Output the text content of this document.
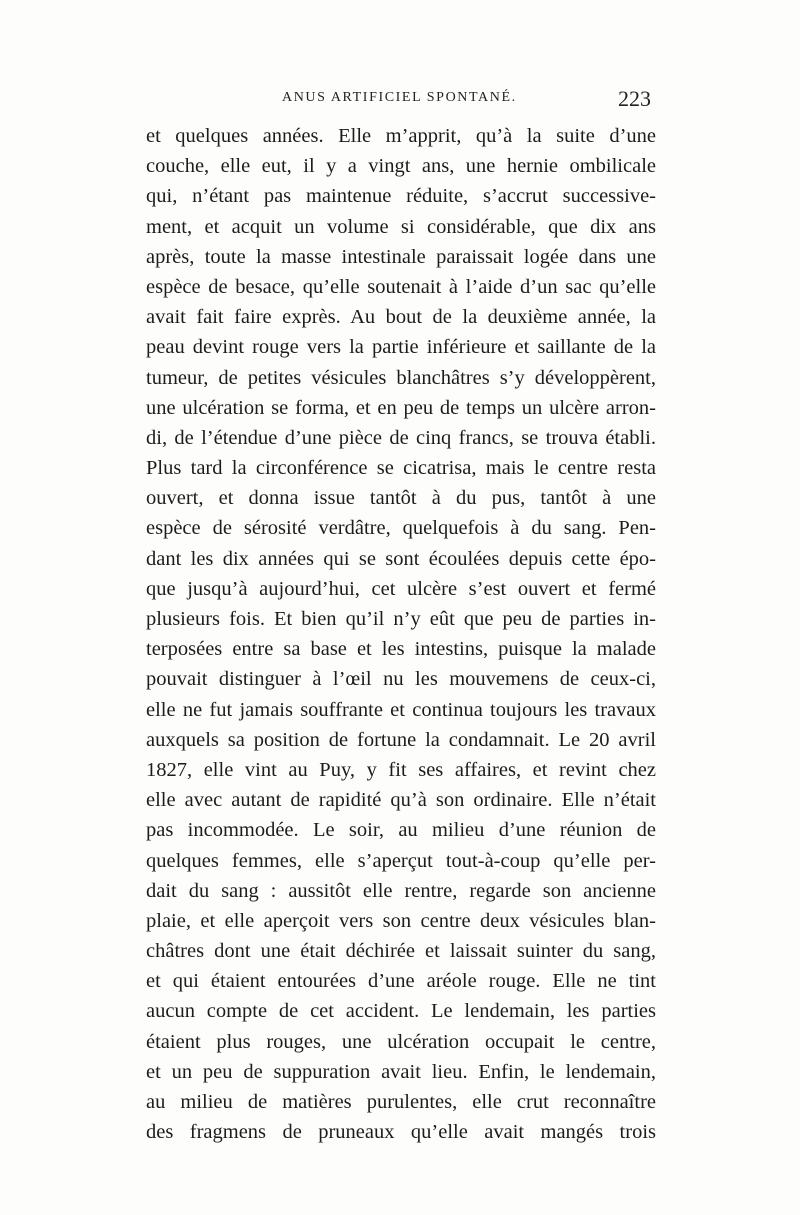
ANUS ARTIFICIEL SPONTANÉ.	223
et quelques années. Elle m’apprit, qu’à la suite d’une
couche, elle eut, il y a vingt ans, une hernie ombilicale
qui, n’étant pas maintenue réduite, s’accrut successive-
ment, et acquit un volume si considérable, que dix ans
après, toute la masse intestinale paraissait logée dans une
espèce de besace, qu’elle soutenait à l’aide d’un sac qu’elle
avait fait faire exprès. Au bout de la deuxième année, la
peau devint rouge vers la partie inférieure et saillante de la
tumeur, de petites vésicules blanchâtres s’y développèrent,
une ulcération se forma, et en peu de temps un ulcère arron-
di, de l’étendue d’une pièce de cinq francs, se trouva établi.
Plus tard la circonférence se cicatrisa, mais le centre resta
ouvert, et donna issue tantôt à du pus, tantôt à une
espèce de sérosité verdâtre, quelquefois à du sang. Pen-
dant les dix années qui se sont écoulées depuis cette épo-
que jusqu’à aujourd’hui, cet ulcère s’est ouvert et fermé
plusieurs fois. Et bien qu’il n’y eût que peu de parties in-
terposées entre sa base et les intestins, puisque la malade
pouvait distinguer à l’œil nu les mouvemens de ceux-ci,
elle ne fut jamais souffrante et continua toujours les travaux
auxquels sa position de fortune la condamnait. Le 20 avril
1827, elle vint au Puy, y fit ses affaires, et revint chez
elle avec autant de rapidité qu’à son ordinaire. Elle n’était
pas incommodée. Le soir, au milieu d’une réunion de
quelques femmes, elle s’aperçut tout-à-coup qu’elle per-
dait du sang : aussitôt elle rentre, regarde son ancienne
plaie, et elle aperçoit vers son centre deux vésicules blan-
châtres dont une était déchirée et laissait suinter du sang,
et qui étaient entourées d’une aréole rouge. Elle ne tint
aucun compte de cet accident. Le lendemain, les parties
étaient plus rouges, une ulcération occupait le centre,
et un peu de suppuration avait lieu. Enfin, le lendemain,
au milieu de matières purulentes, elle crut reconnaître
des fragmens de pruneaux qu’elle avait mangés trois
